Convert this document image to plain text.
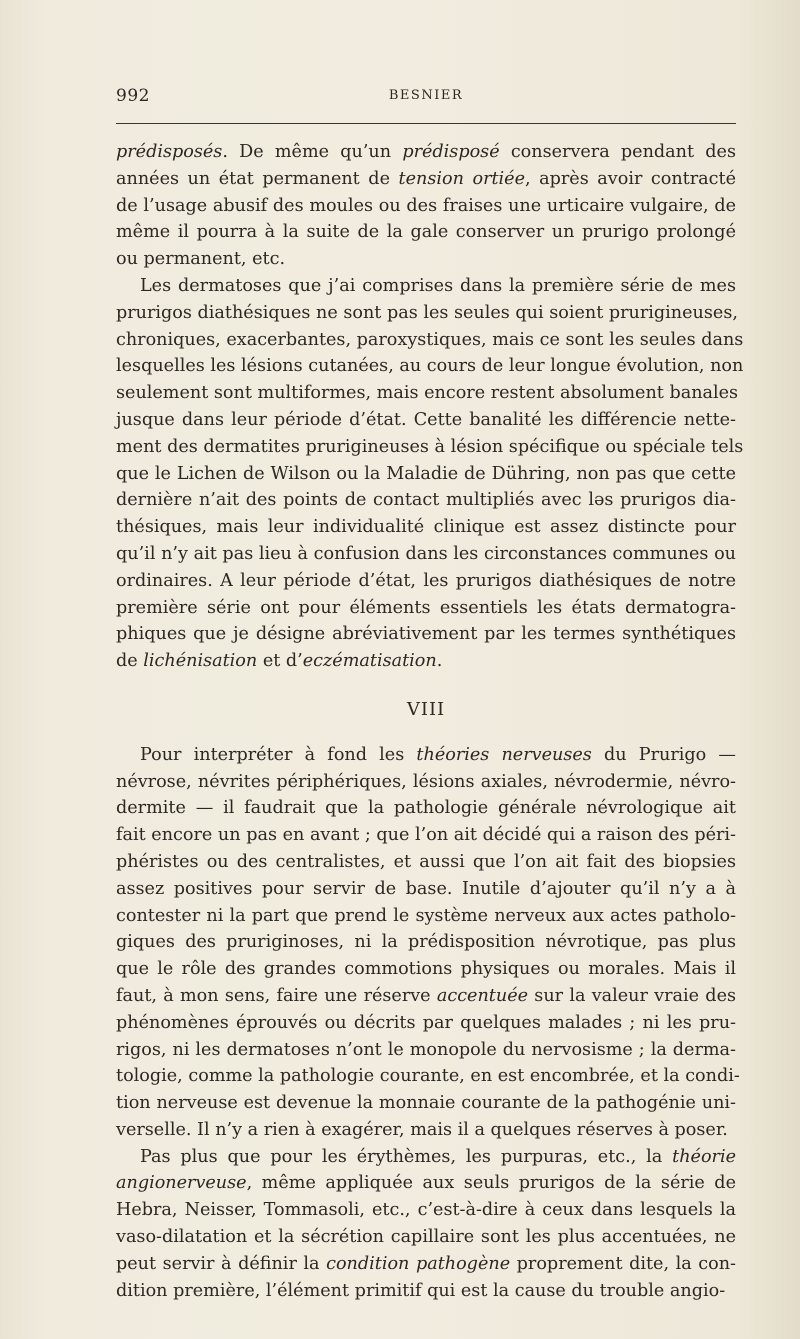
992	BESNIER
prédisposés. De même qu’un prédisposé conservera pendant des
années un état permanent de tension ortiée, après avoir contracté
de l’usage abusif des moules ou des fraises une urticaire vulgaire, de
même il pourra à la suite de la gale conserver un prurigo prolongé
ou permanent, etc.
Les dermatoses que j’ai comprises dans la première série de mes
prurigos diathésiques ne sont pas les seules qui soient prurigineuses,
chroniques, exacerbantes, paroxystiques, mais ce sont les seules dans
lesquelles les lésions cutanées, au cours de leur longue évolution, non
seulement sont multiformes, mais encore restent absolument banales
jusque dans leur période d’état. Cette banalité les différencie nette-
ment des dermatites prurigineuses à lésion spécifique ou spéciale tels
que le Lichen de Wilson ou la Maladie de Dühring, non pas que cette
dernière n’ait des points de contact multipliés avec ləs prurigos dia-
thésiques, mais leur individualité clinique est assez distincte pour
qu’il n’y ait pas lieu à confusion dans les circonstances communes ou
ordinaires. A leur période d’état, les prurigos diathésiques de notre
première série ont pour éléments essentiels les états dermatogra-
phiques que je désigne abréviativement par les termes synthétiques
de lichénisation et d’eczématisation.
VIII
Pour interpréter à fond les théories nerveuses du Prurigo —
névrose, névrites périphériques, lésions axiales, névrodermie, névro-
dermite — il faudrait que la pathologie générale névrologique ait
fait encore un pas en avant ; que l’on ait décidé qui a raison des péri-
phéristes ou des centralistes, et aussi que l’on ait fait des biopsies
assez positives pour servir de base. Inutile d’ajouter qu’il n’y a à
contester ni la part que prend le système nerveux aux actes patholo-
giques des pruriginoses, ni la prédisposition névrotique, pas plus
que le rôle des grandes commotions physiques ou morales. Mais il
faut, à mon sens, faire une réserve accentuée sur la valeur vraie des
phénomènes éprouvés ou décrits par quelques malades ; ni les pru-
rigos, ni les dermatoses n’ont le monopole du nervosisme ; la derma-
tologie, comme la pathologie courante, en est encombrée, et la condi-
tion nerveuse est devenue la monnaie courante de la pathogénie uni-
verselle. Il n’y a rien à exagérer, mais il a quelques réserves à poser.
Pas plus que pour les érythèmes, les purpuras, etc., la théorie
angionerveuse, même appliquée aux seuls prurigos de la série de
Hebra, Neisser, Tommasoli, etc., c’est-à-dire à ceux dans lesquels la
vaso-dilatation et la sécrétion capillaire sont les plus accentuées, ne
peut servir à définir la condition pathogène proprement dite, la con-
dition première, l’élément primitif qui est la cause du trouble angio-
